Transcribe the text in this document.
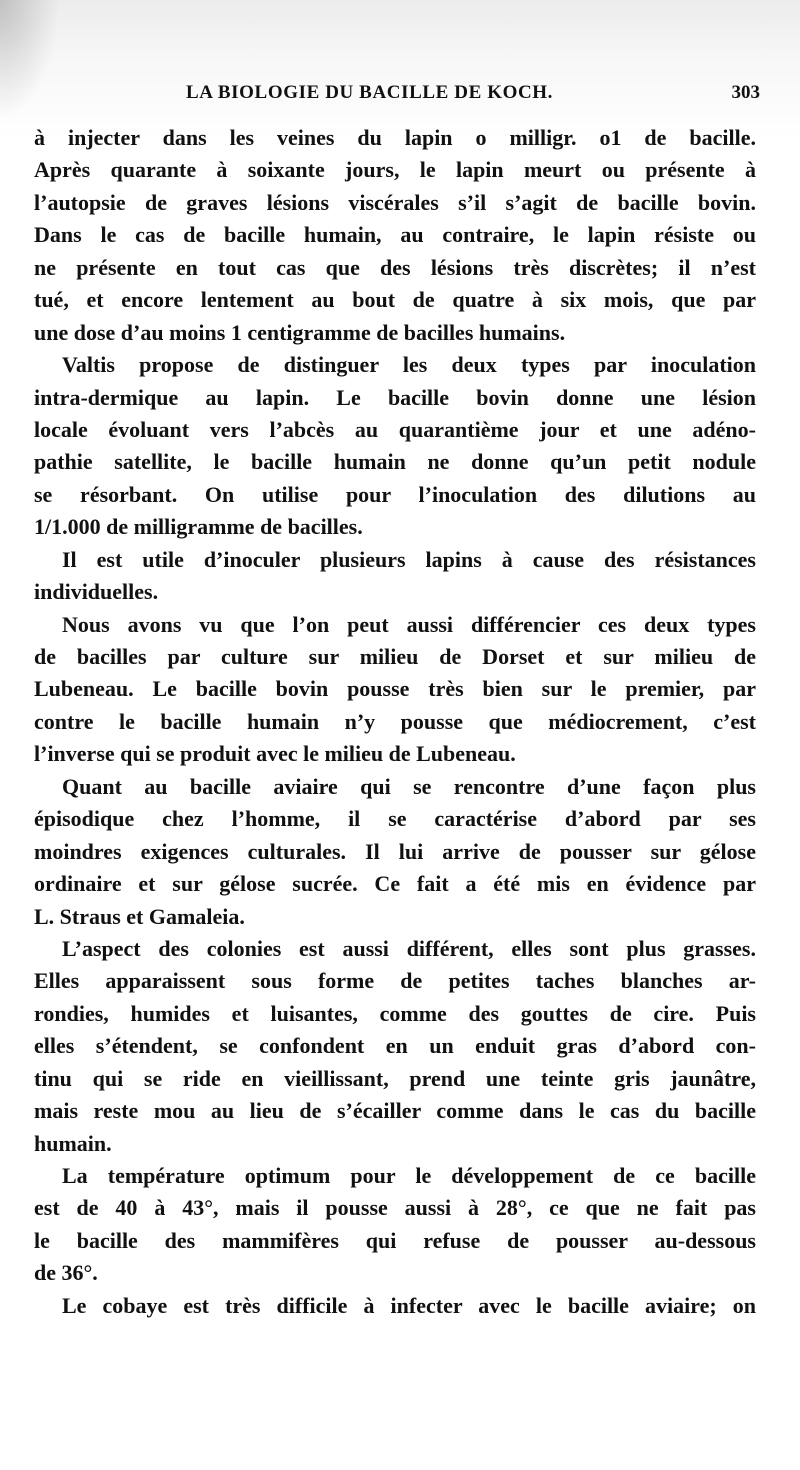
LA BIOLOGIE DU BACILLE DE KOCH.	303
à injecter dans les veines du lapin o milligr. o1 de bacille.
Après quarante à soixante jours, le lapin meurt ou présente à
l’autopsie de graves lésions viscérales s’il s’agit de bacille bovin.
Dans le cas de bacille humain, au contraire, le lapin résiste ou
ne présente en tout cas que des lésions très discrètes; il n’est
tué, et encore lentement au bout de quatre à six mois, que par
une dose d’au moins 1 centigramme de bacilles humains.
Valtis propose de distinguer les deux types par inoculation
intra-dermique au lapin. Le bacille bovin donne une lésion
locale évoluant vers l’abcès au quarantième jour et une adéno-
pathie satellite, le bacille humain ne donne qu’un petit nodule
se résorbant. On utilise pour l’inoculation des dilutions au
1/1.000 de milligramme de bacilles.
Il est utile d’inoculer plusieurs lapins à cause des résistances
individuelles.
Nous avons vu que l’on peut aussi différencier ces deux types
de bacilles par culture sur milieu de Dorset et sur milieu de
Lubeneau. Le bacille bovin pousse très bien sur le premier, par
contre le bacille humain n’y pousse que médiocrement, c’est
l’inverse qui se produit avec le milieu de Lubeneau.
Quant au bacille aviaire qui se rencontre d’une façon plus
épisodique chez l’homme, il se caractérise d’abord par ses
moindres exigences culturales. Il lui arrive de pousser sur gélose
ordinaire et sur gélose sucrée. Ce fait a été mis en évidence par
L. Straus et Gamaleia.
L’aspect des colonies est aussi différent, elles sont plus grasses.
Elles apparaissent sous forme de petites taches blanches ar-
rondies, humides et luisantes, comme des gouttes de cire. Puis
elles s’étendent, se confondent en un enduit gras d’abord con-
tinu qui se ride en vieillissant, prend une teinte gris jaunâtre,
mais reste mou au lieu de s’écailler comme dans le cas du bacille
humain.
La température optimum pour le développement de ce bacille
est de 40 à 43°, mais il pousse aussi à 28°, ce que ne fait pas
le bacille des mammifères qui refuse de pousser au-dessous
de 36°.
Le cobaye est très difficile à infecter avec le bacille aviaire; on
